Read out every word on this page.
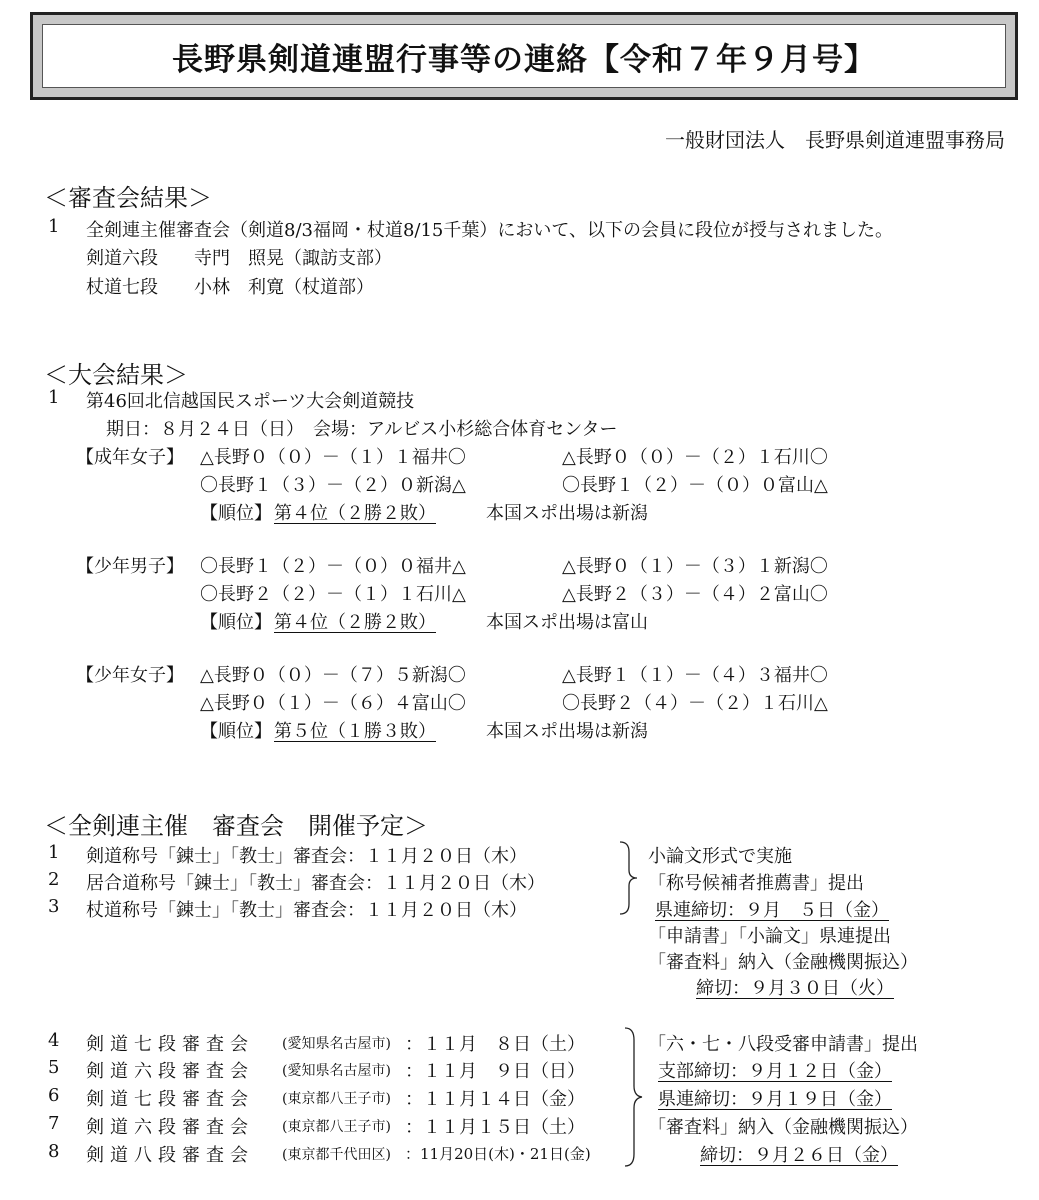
長野県剣道連盟行事等の連絡【令和７年９月号】
一般財団法人　長野県剣道連盟事務局
＜審査会結果＞
1 全剣連主催審査会（剣道8/3福岡・杖道8/15千葉）において、以下の会員に段位が授与されました。
剣道六段 寺門　照晃（諏訪支部）
杖道七段 小林　利寛（杖道部）
＜大会結果＞
1 第46回北信越国民スポーツ大会剣道競技
期日：８月２４日（日）　会場：アルビス小杉総合体育センター
【成年女子】 △長野０（０）－（１）１福井〇	△長野０（０）－（２）１石川〇
〇長野１（３）－（２）０新潟△	〇長野１（２）－（０）０富山△
【順位】 第４位（２勝２敗）	本国スポ出場は新潟
【少年男子】 〇長野１（２）－（０）０福井△	△長野０（１）－（３）１新潟〇
〇長野２（２）－（１）１石川△	△長野２（３）－（４）２富山〇
【順位】 第４位（２勝２敗）	本国スポ出場は富山
【少年女子】 △長野０（０）－（７）５新潟〇	△長野１（１）－（４）３福井〇
△長野０（１）－（６）４富山〇	〇長野２（４）－（２）１石川△
【順位】 第５位（１勝３敗）	本国スポ出場は新潟
＜全剣連主催　審査会　開催予定＞
1 剣道称号「錬士」「教士」審査会：１１月２０日（木）
2 居合道称号「錬士」「教士」審査会：１１月２０日（木）
3 杖道称号「錬士」「教士」審査会：１１月２０日（木）
小論文形式で実施
「称号候補者推薦書」提出
県連締切：９月　５日（金）
「申請書」「小論文」県連提出
「審査料」納入（金融機関振込）
締切：９月３０日（火）
4 剣道七段審査会 (愛知県名古屋市) ：１１月　８日（土）
5 剣道六段審査会 (愛知県名古屋市) ：１１月　９日（日）
6 剣道七段審査会 (東京都八王子市) ：１１月１４日（金）
7 剣道六段審査会 (東京都八王子市) ：１１月１５日（土）
8 剣道八段審査会 (東京都千代田区) ：11月20日(木)・21日(金)
「六・七・八段受審申請書」提出
支部締切：９月１２日（金）
県連締切：９月１９日（金）
「審査料」納入（金融機関振込）
締切：９月２６日（金）
